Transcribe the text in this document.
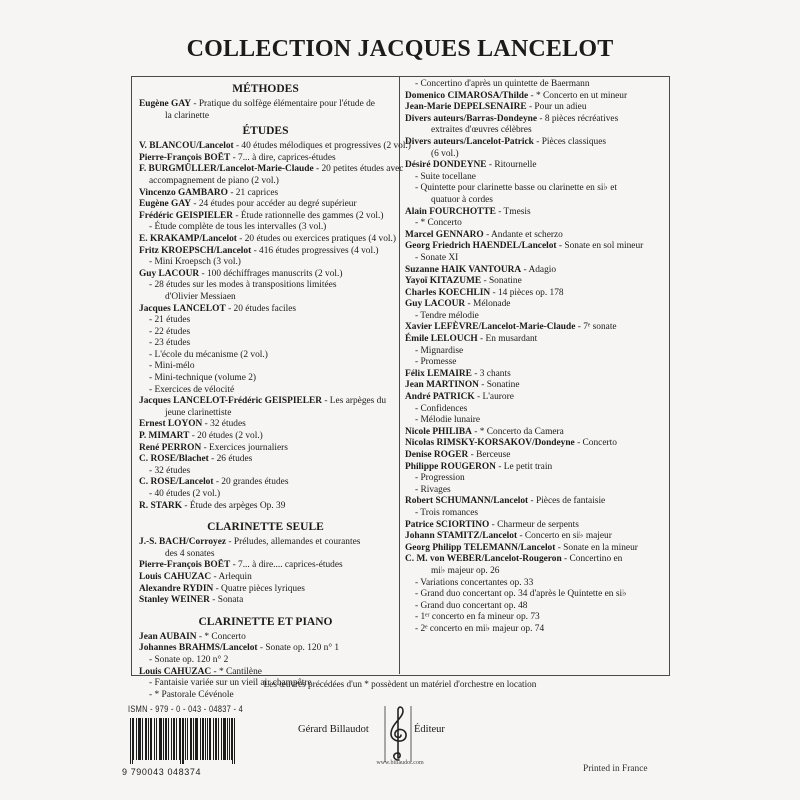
COLLECTION JACQUES LANCELOT
MÉTHODES
Eugène GAY - Pratique du solfège élémentaire pour l'étude de
la clarinette
ÉTUDES
V. BLANCOU/Lancelot - 40 études mélodiques et progressives (2 vol.)
Pierre-François BOËT - 7... à dire, caprices-études
F. BURGMÜLLER/Lancelot-Marie-Claude - 20 petites études avec
accompagnement de piano (2 vol.)
Vincenzo GAMBARO - 21 caprices
Eugène GAY - 24 études pour accéder au degré supérieur
Frédéric GEISPIELER - Étude rationnelle des gammes (2 vol.)
- Étude complète de tous les intervalles (3 vol.)
E. KRAKAMP/Lancelot - 20 études ou exercices pratiques (4 vol.)
Fritz KROEPSCH/Lancelot - 416 études progressives (4 vol.)
- Mini Kroepsch (3 vol.)
Guy LACOUR - 100 déchiffrages manuscrits (2 vol.)
- 28 études sur les modes à transpositions limitées
d'Olivier Messiaen
Jacques LANCELOT - 20 études faciles
- 21 études
- 22 études
- 23 études
- L'école du mécanisme (2 vol.)
- Mini-mélo
- Mini-technique (volume 2)
- Exercices de vélocité
Jacques LANCELOT-Frédéric GEISPIELER - Les arpèges du
jeune clarinettiste
Ernest LOYON - 32 études
P. MIMART - 20 études (2 vol.)
René PERRON - Exercices journaliers
C. ROSE/Blachet - 26 études
- 32 études
C. ROSE/Lancelot - 20 grandes études
- 40 études (2 vol.)
R. STARK - Étude des arpèges Op. 39
CLARINETTE SEULE
J.-S. BACH/Corroyez - Préludes, allemandes et courantes
des 4 sonates
Pierre-François BOËT - 7... à dire.... caprices-études
Louis CAHUZAC - Arlequin
Alexandre RYDIN - Quatre pièces lyriques
Stanley WEINER - Sonata
CLARINETTE ET PIANO
Jean AUBAIN - * Concerto
Johannes BRAHMS/Lancelot - Sonate op. 120 n° 1
- Sonate op. 120 n° 2
Louis CAHUZAC - * Cantilène
- Fantaisie variée sur un vieil air champêtre
- * Pastorale Cévénole
- Concertino d'après un quintette de Baermann
Domenico CIMAROSA/Thilde - * Concerto en ut mineur
Jean-Marie DEPELSENAIRE - Pour un adieu
Divers auteurs/Barras-Dondeyne - 8 pièces récréatives
extraites d'œuvres célèbres
Divers auteurs/Lancelot-Patrick - Pièces classiques
(6 vol.)
Désiré DONDEYNE - Ritournelle
- Suite tocellane
- Quintette pour clarinette basse ou clarinette en si♭ et
quatuor à cordes
Alain FOURCHOTTE - Tmesis
- * Concerto
Marcel GENNARO - Andante et scherzo
Georg Friedrich HAENDEL/Lancelot - Sonate en sol mineur
- Sonate XI
Suzanne HAIK VANTOURA - Adagio
Yayoï KITAZUME - Sonatine
Charles KOECHLIN - 14 pièces op. 178
Guy LACOUR - Mélonade
- Tendre mélodie
Xavier LEFÈVRE/Lancelot-Marie-Claude - 7ᵉ sonate
Émile LELOUCH - En musardant
- Mignardise
- Promesse
Félix LEMAIRE - 3 chants
Jean MARTINON - Sonatine
André PATRICK - L'aurore
- Confidences
- Mélodie lunaire
Nicole PHILIBA - * Concerto da Camera
Nicolas RIMSKY-KORSAKOV/Dondeyne - Concerto
Denise ROGER - Berceuse
Philippe ROUGERON - Le petit train
- Progression
- Rivages
Robert SCHUMANN/Lancelot - Pièces de fantaisie
- Trois romances
Patrice SCIORTINO - Charmeur de serpents
Johann STAMITZ/Lancelot - Concerto en si♭ majeur
Georg Philipp TELEMANN/Lancelot - Sonate en la mineur
C. M. von WEBER/Lancelot-Rougeron - Concertino en
mi♭ majeur op. 26
- Variations concertantes op. 33
- Grand duo concertant op. 34 d'après le Quintette en si♭
- Grand duo concertant op. 48
- 1ᵉʳ concerto en fa mineur op. 73
- 2ᵉ concerto en mi♭ majeur op. 74
Les œuvres précédées d'un * possèdent un matériel d'orchestre en location
ISMN - 979 - 0 - 043 - 04837 - 4
9 790043 048374
Gérard Billaudot	Éditeur
www.billaudot.com
Printed in France
